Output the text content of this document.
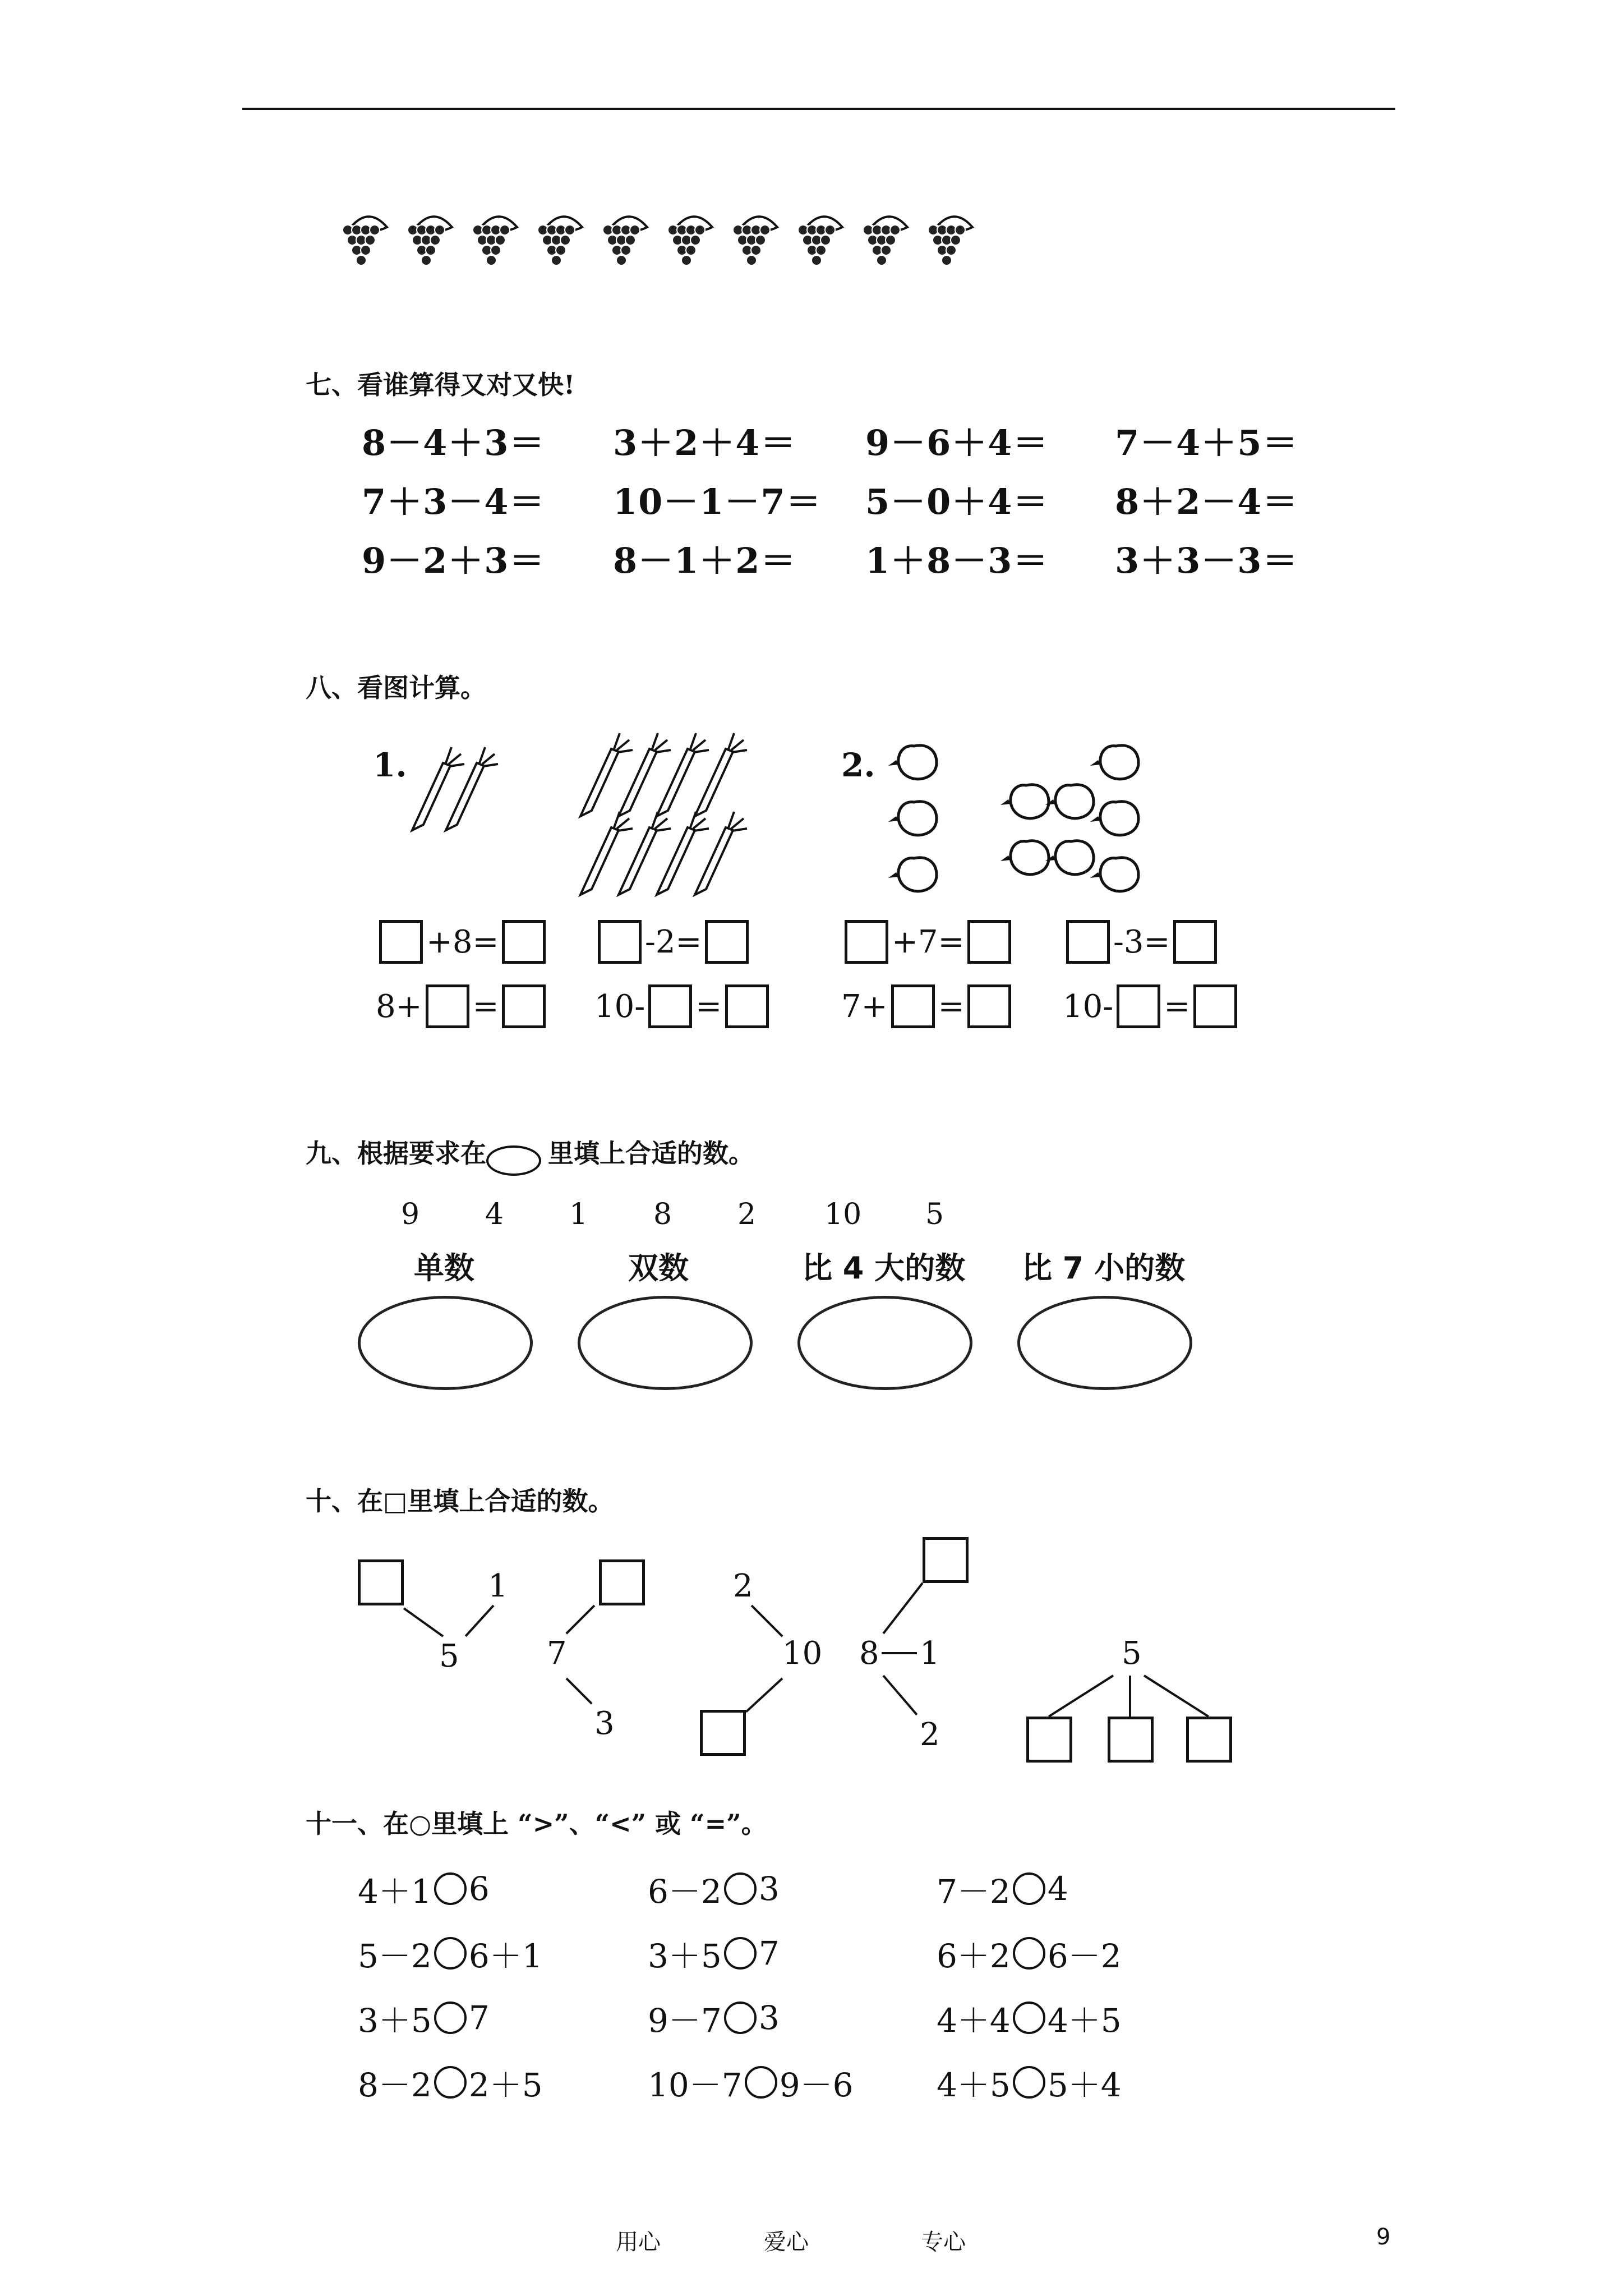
七、看谁算得又对又快!
8－4＋3＝ 3＋2＋4＝ 9－6＋4＝ 7－4＋5＝
7＋3－4＝ 10－1－7＝ 5－0＋4＝ 8＋2－4＝
9－2＋3＝ 8－1＋2＝ 1＋8－3＝ 3＋3－3＝
八、看图计算。
1.	2.
+8=	-2=	+7=	-3=
8+ =	10- =	7+ =	10- =
九、根据要求在 里填上合适的数。
9 4 1 8 2 10 5
单数	双数	比 4 大的数 比 7 小的数
十、在□里填上合适的数。
1
5	7
3
2
10 8 1
2
5
十一、在○里填上 “>”、“<” 或 “=”。
4＋1 6	6－2 3	7－2 4
5－2 6＋1	3＋5 7	6＋2 6－2
3＋5 7	9－7 3	4＋4 4＋5
8－2 2＋5	10－7 9－6	4＋5 5＋4
用心	爱心	专心	9
